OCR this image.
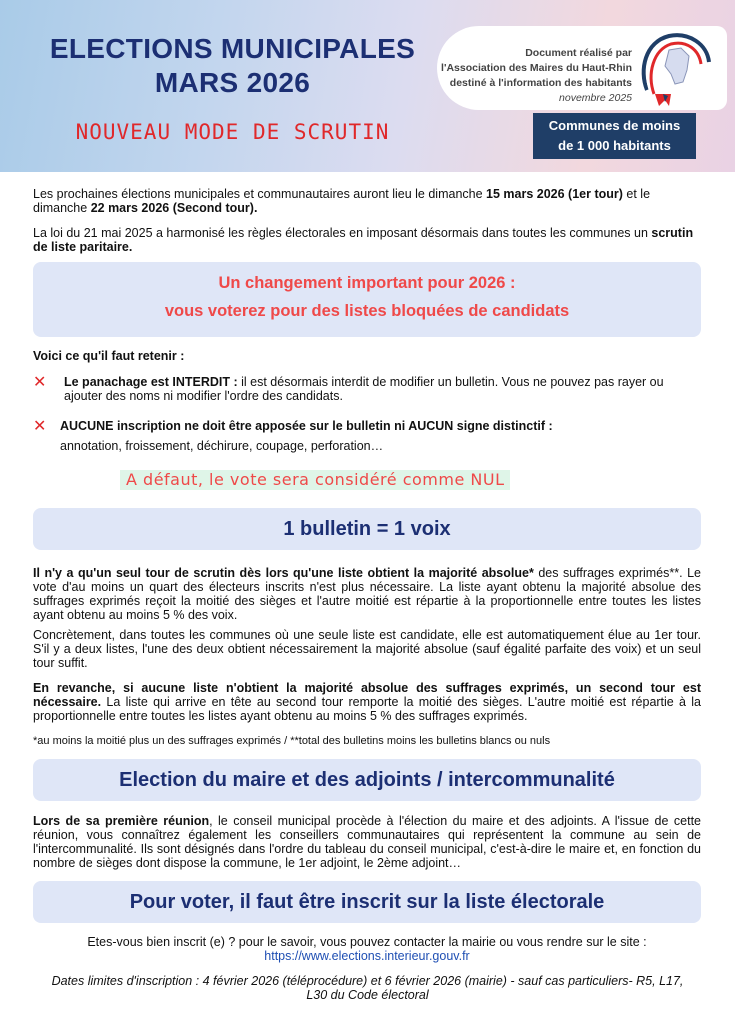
ELECTIONS MUNICIPALES
MARS 2026
NOUVEAU MODE DE SCRUTIN
Document réalisé par
l'Association des Maires du Haut-Rhin
destiné à l'information des habitants
novembre 2025
Communes de moins
de 1 000 habitants
Les prochaines élections municipales et communautaires auront lieu le dimanche 15 mars 2026 (1er tour) et le dimanche 22 mars 2026 (Second tour).
La loi du 21 mai 2025 a harmonisé les règles électorales en imposant désormais dans toutes les communes un scrutin de liste paritaire.
Un changement important pour 2026 :
vous voterez pour des listes bloquées de candidats
Voici ce qu'il faut retenir :
✕ Le panachage est INTERDIT : il est désormais interdit de modifier un bulletin. Vous ne pouvez pas rayer ou ajouter des noms ni modifier l'ordre des candidats.
✕ AUCUNE inscription ne doit être apposée sur le bulletin ni AUCUN signe distinctif :
annotation, froissement, déchirure, coupage, perforation…
A défaut, le vote sera considéré comme NUL
1 bulletin = 1 voix
Il n'y a qu'un seul tour de scrutin dès lors qu'une liste obtient la majorité absolue* des suffrages exprimés**. Le vote d'au moins un quart des électeurs inscrits n'est plus nécessaire. La liste ayant obtenu la majorité absolue des suffrages exprimés reçoit la moitié des sièges et l'autre moitié est répartie à la proportionnelle entre toutes les listes ayant obtenu au moins 5 % des voix.
Concrètement, dans toutes les communes où une seule liste est candidate, elle est automatiquement élue au 1er tour. S'il y a deux listes, l'une des deux obtient nécessairement la majorité absolue (sauf égalité parfaite des voix) et un seul tour suffit.
En revanche, si aucune liste n'obtient la majorité absolue des suffrages exprimés, un second tour est nécessaire. La liste qui arrive en tête au second tour remporte la moitié des sièges. L'autre moitié est répartie à la proportionnelle entre toutes les listes ayant obtenu au moins 5 % des suffrages exprimés.
*au moins la moitié plus un des suffrages exprimés / **total des bulletins moins les bulletins blancs ou nuls
Election du maire et des adjoints / intercommunalité
Lors de sa première réunion, le conseil municipal procède à l'élection du maire et des adjoints. A l'issue de cette réunion, vous connaîtrez également les conseillers communautaires qui représentent la commune au sein de l'intercommunalité. Ils sont désignés dans l'ordre du tableau du conseil municipal, c'est-à-dire le maire et, en fonction du nombre de sièges dont dispose la commune, le 1er adjoint, le 2ème adjoint…
Pour voter, il faut être inscrit sur la liste électorale
Etes-vous bien inscrit (e) ? pour le savoir, vous pouvez contacter la mairie ou vous rendre sur le site :
https://www.elections.interieur.gouv.fr
Dates limites d'inscription : 4 février 2026 (téléprocédure) et 6 février 2026 (mairie) - sauf cas particuliers- R5, L17, L30 du Code électoral
